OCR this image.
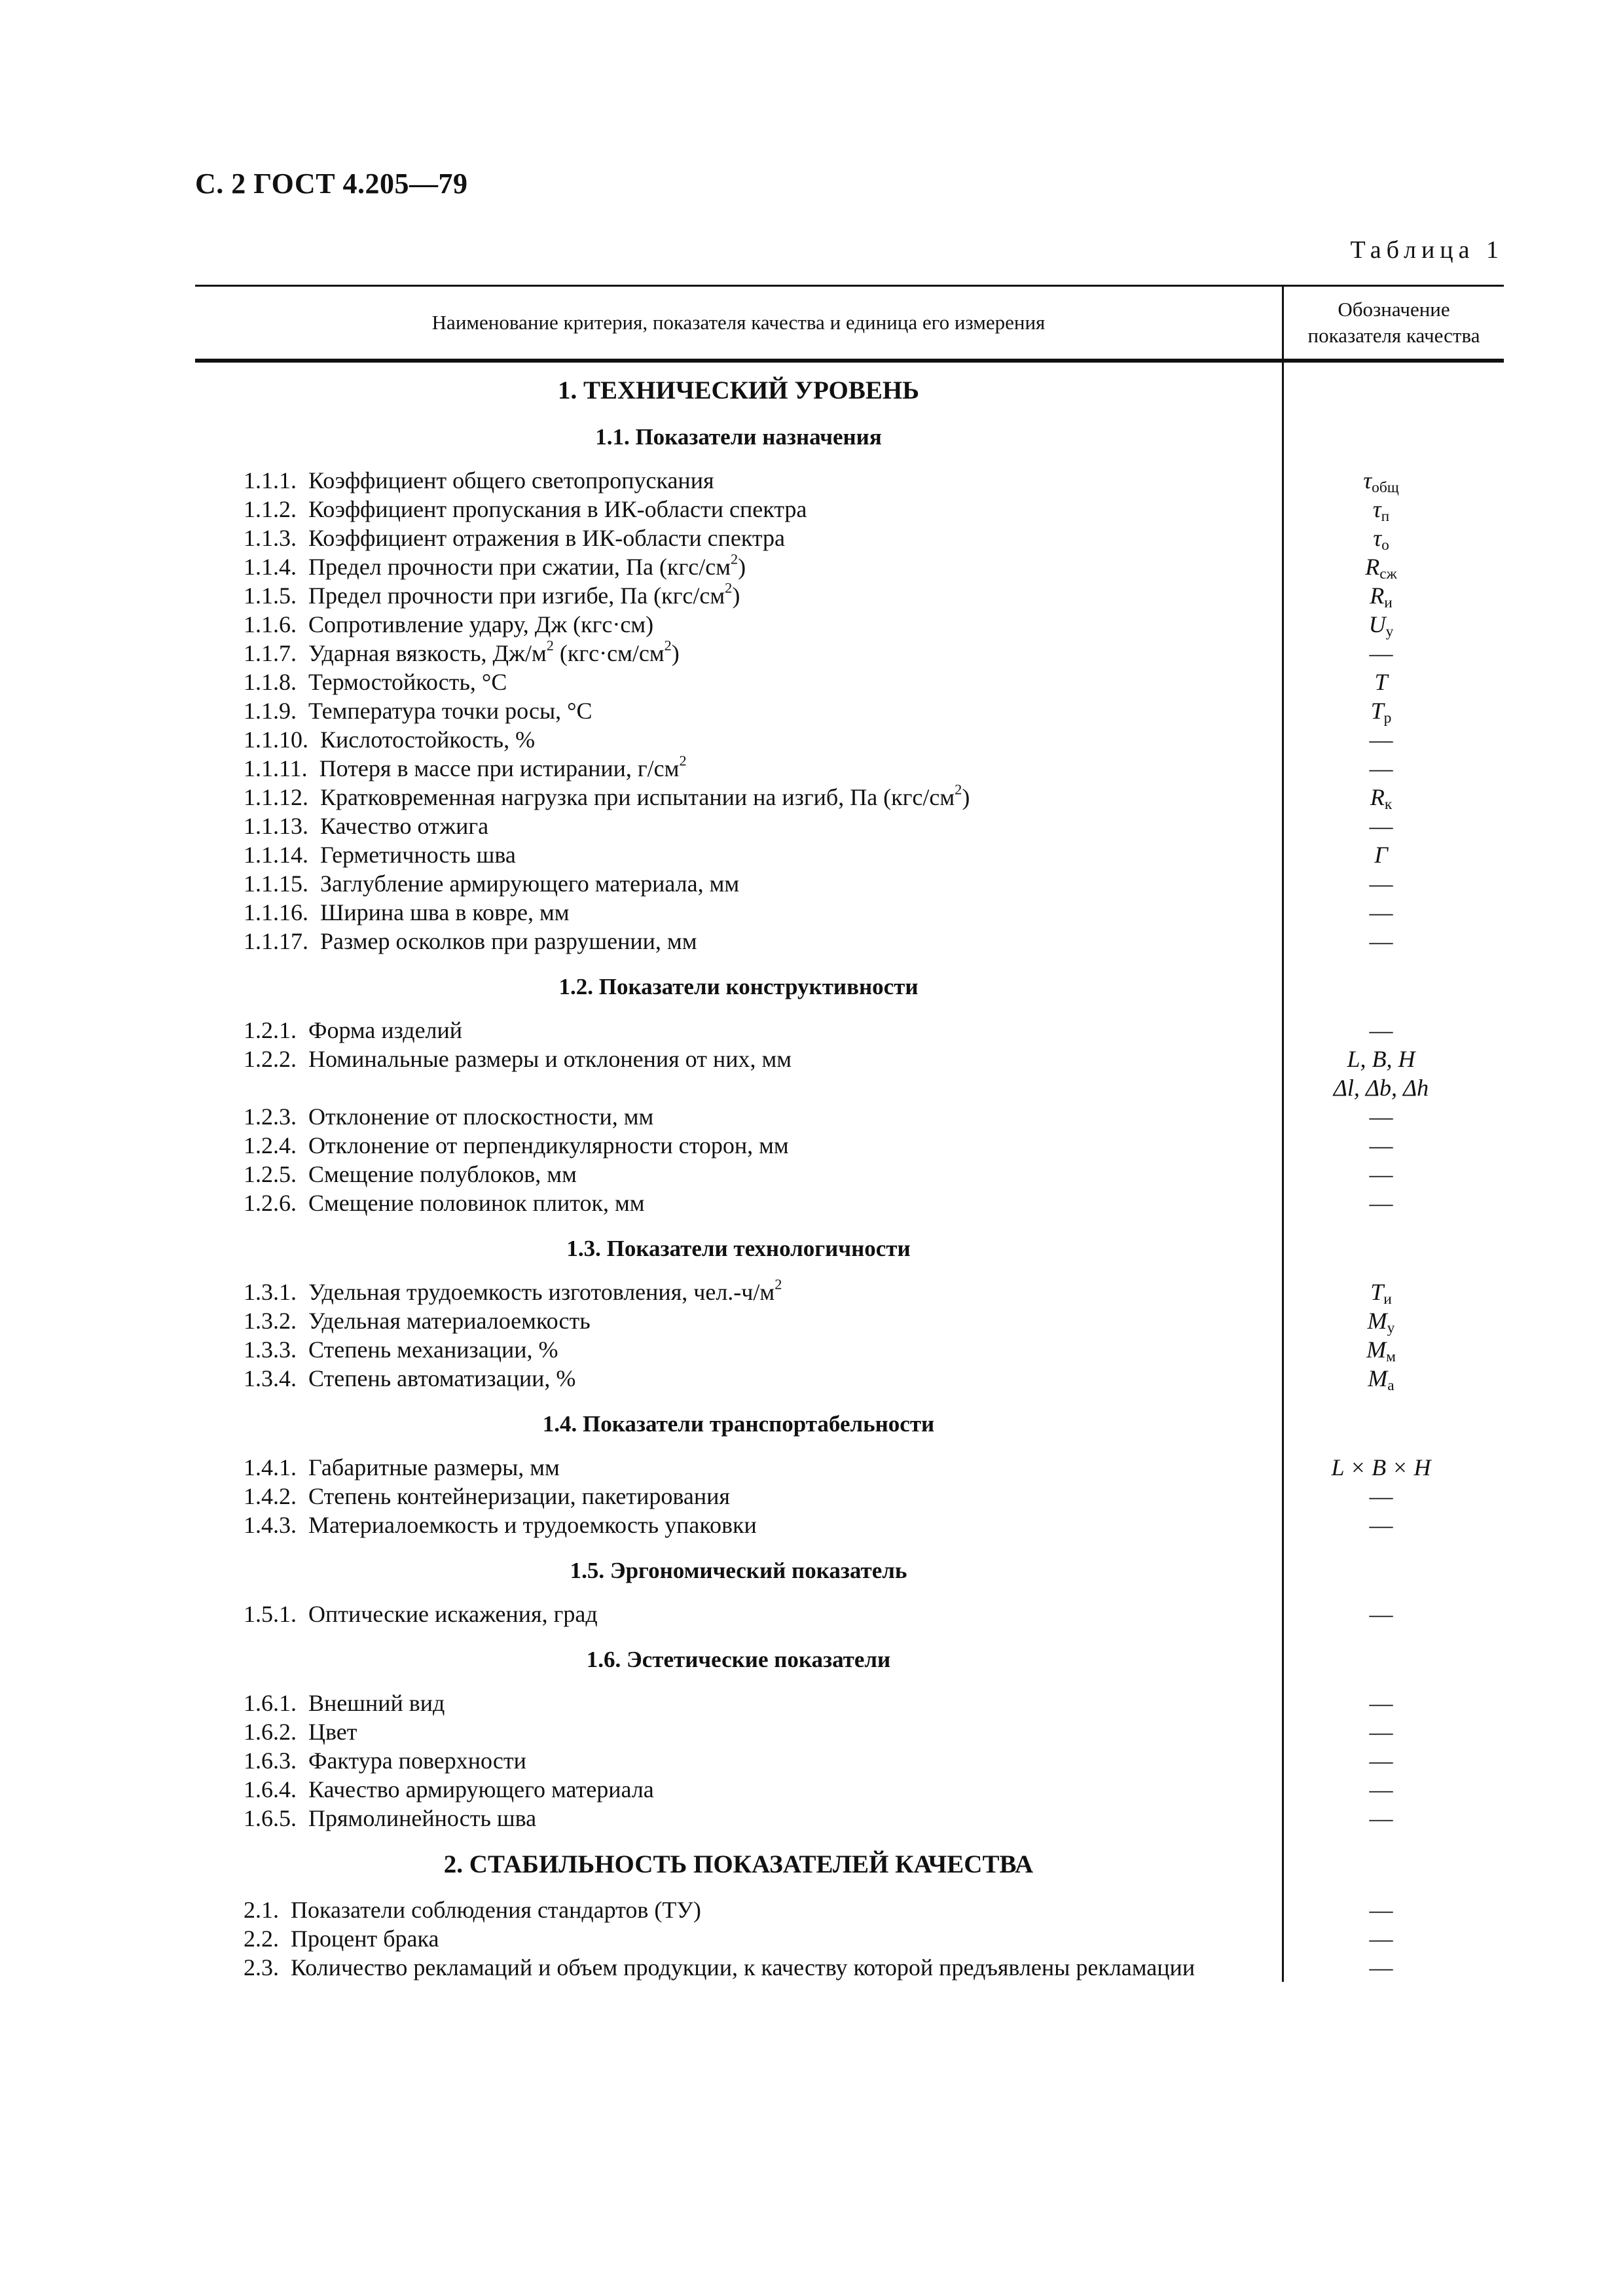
С. 2 ГОСТ 4.205—79
Таблица 1
Наименование критерия, показателя качества и единица его измерения
Обозначение
показателя качества
1. ТЕХНИЧЕСКИЙ УРОВЕНЬ
1.1. Показатели назначения
1.1.1. Коэффициент общего светопропускания	$\tau_{общ}$
1.1.2. Коэффициент пропускания в ИК-области спектра	$\tau_п$
1.1.3. Коэффициент отражения в ИК-области спектра	$\tau_о$
1.1.4. Предел прочности при сжатии, Па $(кгс/см^2)$	$R_{сж}$
1.1.5. Предел прочности при изгибе, Па $(кгс/см^2)$	$R_и$
1.1.6. Сопротивление удару, Дж (кгс·см)	$U_у$
1.1.7. Ударная вязкость, $Дж/м^2$ $(кгс\cdot см/см^2)$	—
1.1.8. Термостойкость, °С	T
1.1.9. Температура точки росы, °С	$T_р$
1.1.10. Кислотостойкость, %	—
1.1.11. Потеря в массе при истирании, $г/см^2$	—
1.1.12. Кратковременная нагрузка при испытании на изгиб, Па $(кгс/см^2)$	$R_к$
1.1.13. Качество отжига	—
1.1.14. Герметичность шва	Г
1.1.15. Заглубление армирующего материала, мм	—
1.1.16. Ширина шва в ковре, мм	—
1.1.17. Размер осколков при разрушении, мм	—
1.2. Показатели конструктивности
1.2.1. Форма изделий	—
1.2.2. Номинальные размеры и отклонения от них, мм	L, B, H
Δl, Δb, Δh
1.2.3. Отклонение от плоскостности, мм	—
1.2.4. Отклонение от перпендикулярности сторон, мм	—
1.2.5. Смещение полублоков, мм	—
1.2.6. Смещение половинок плиток, мм	—
1.3. Показатели технологичности
1.3.1. Удельная трудоемкость изготовления, $чел.-ч/м^2$	$T_и$
1.3.2. Удельная материалоемкость	$M_у$
1.3.3. Степень механизации, %	$M_м$
1.3.4. Степень автоматизации, %	$M_а$
1.4. Показатели транспортабельности
1.4.1. Габаритные размеры, мм	L × B × H
1.4.2. Степень контейнеризации, пакетирования	—
1.4.3. Материалоемкость и трудоемкость упаковки	—
1.5. Эргономический показатель
1.5.1. Оптические искажения, град	—
1.6. Эстетические показатели
1.6.1. Внешний вид	—
1.6.2. Цвет	—
1.6.3. Фактура поверхности	—
1.6.4. Качество армирующего материала	—
1.6.5. Прямолинейность шва	—
2. СТАБИЛЬНОСТЬ ПОКАЗАТЕЛЕЙ КАЧЕСТВА
2.1. Показатели соблюдения стандартов (ТУ)	—
2.2. Процент брака	—
2.3. Количество рекламаций и объем продукции, к качеству которой предъявлены рекламации	—
